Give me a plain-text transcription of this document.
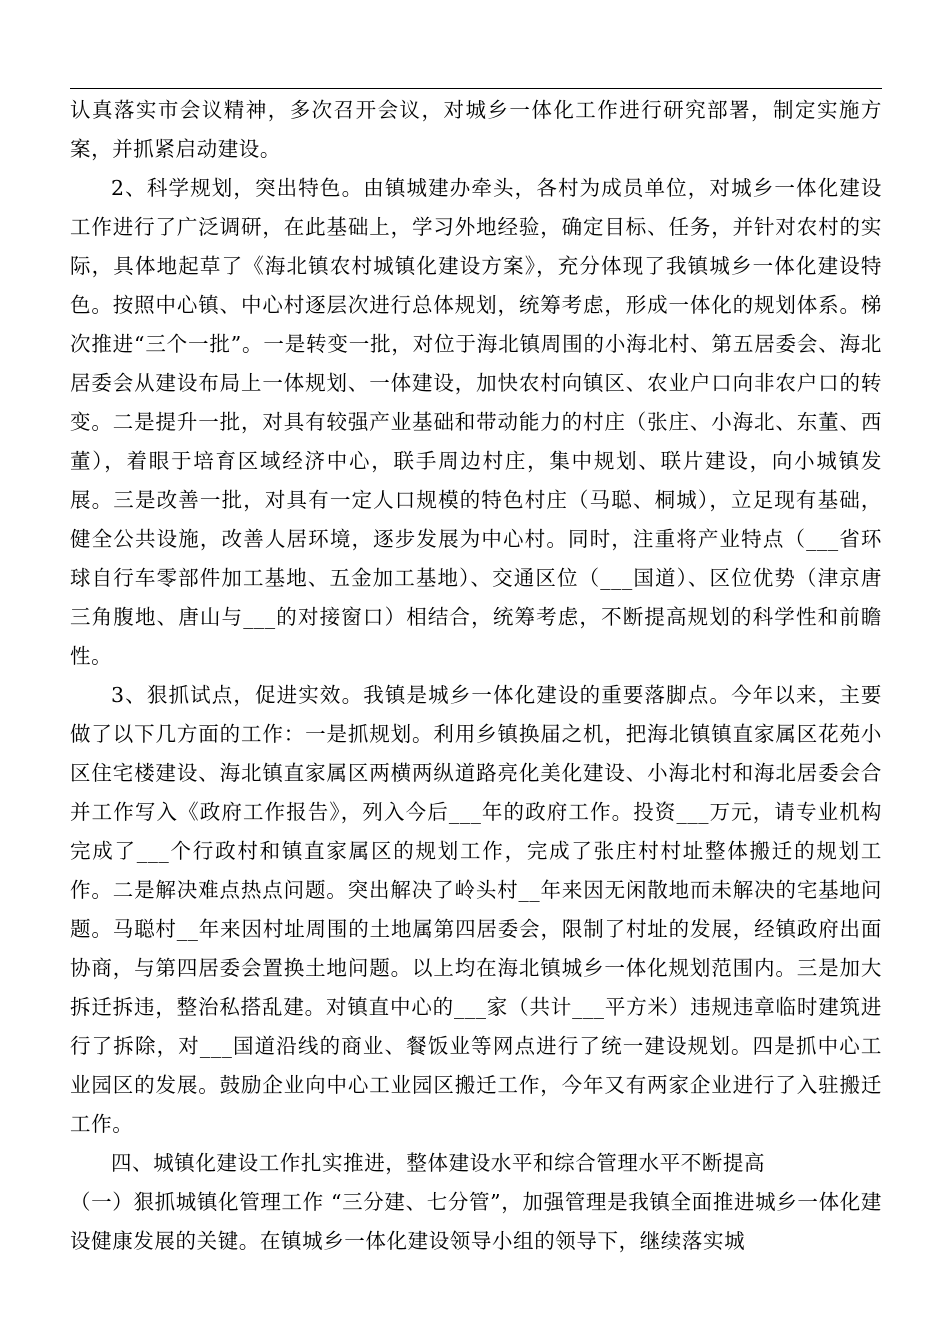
认真落实市会议精神，多次召开会议，对城乡一体化工作进行研究部署，制定实施方案，并抓紧启动建设。

2、科学规划，突出特色。由镇城建办牵头，各村为成员单位，对城乡一体化建设工作进行了广泛调研，在此基础上，学习外地经验，确定目标、任务，并针对农村的实际，具体地起草了《海北镇农村城镇化建设方案》，充分体现了我镇城乡一体化建设特色。按照中心镇、中心村逐层次进行总体规划，统筹考虑，形成一体化的规划体系。梯次推进“三个一批”。一是转变一批，对位于海北镇周围的小海北村、第五居委会、海北居委会从建设布局上一体规划、一体建设，加快农村向镇区、农业户口向非农户口的转变。二是提升一批，对具有较强产业基础和带动能力的村庄（张庄、小海北、东董、西董），着眼于培育区域经济中心，联手周边村庄，集中规划、联片建设，向小城镇发展。三是改善一批，对具有一定人口规模的特色村庄（马聪、桐城），立足现有基础，健全公共设施，改善人居环境，逐步发展为中心村。同时，注重将产业特点（___省环球自行车零部件加工基地、五金加工基地）、交通区位（___国道）、区位优势（津京唐三角腹地、唐山与___的对接窗口）相结合，统筹考虑，不断提高规划的科学性和前瞻性。

3、狠抓试点，促进实效。我镇是城乡一体化建设的重要落脚点。今年以来，主要做了以下几方面的工作：一是抓规划。利用乡镇换届之机，把海北镇镇直家属区花苑小区住宅楼建设、海北镇直家属区两横两纵道路亮化美化建设、小海北村和海北居委会合并工作写入《政府工作报告》，列入今后___年的政府工作。投资___万元，请专业机构完成了___个行政村和镇直家属区的规划工作，完成了张庄村村址整体搬迁的规划工作。二是解决难点热点问题。突出解决了岭头村__年来因无闲散地而未解决的宅基地问题。马聪村__年来因村址周围的土地属第四居委会，限制了村址的发展，经镇政府出面协商，与第四居委会置换土地问题。以上均在海北镇城乡一体化规划范围内。三是加大拆迁拆违，整治私搭乱建。对镇直中心的___家（共计___平方米）违规违章临时建筑进行了拆除，对___国道沿线的商业、餐饭业等网点进行了统一建设规划。四是抓中心工业园区的发展。鼓励企业向中心工业园区搬迁工作，今年又有两家企业进行了入驻搬迁工作。

四、城镇化建设工作扎实推进，整体建设水平和综合管理水平不断提高

（一）狠抓城镇化管理工作 “三分建、七分管”，加强管理是我镇全面推进城乡一体化建设健康发展的关键。在镇城乡一体化建设领导小组的领导下，继续落实城
